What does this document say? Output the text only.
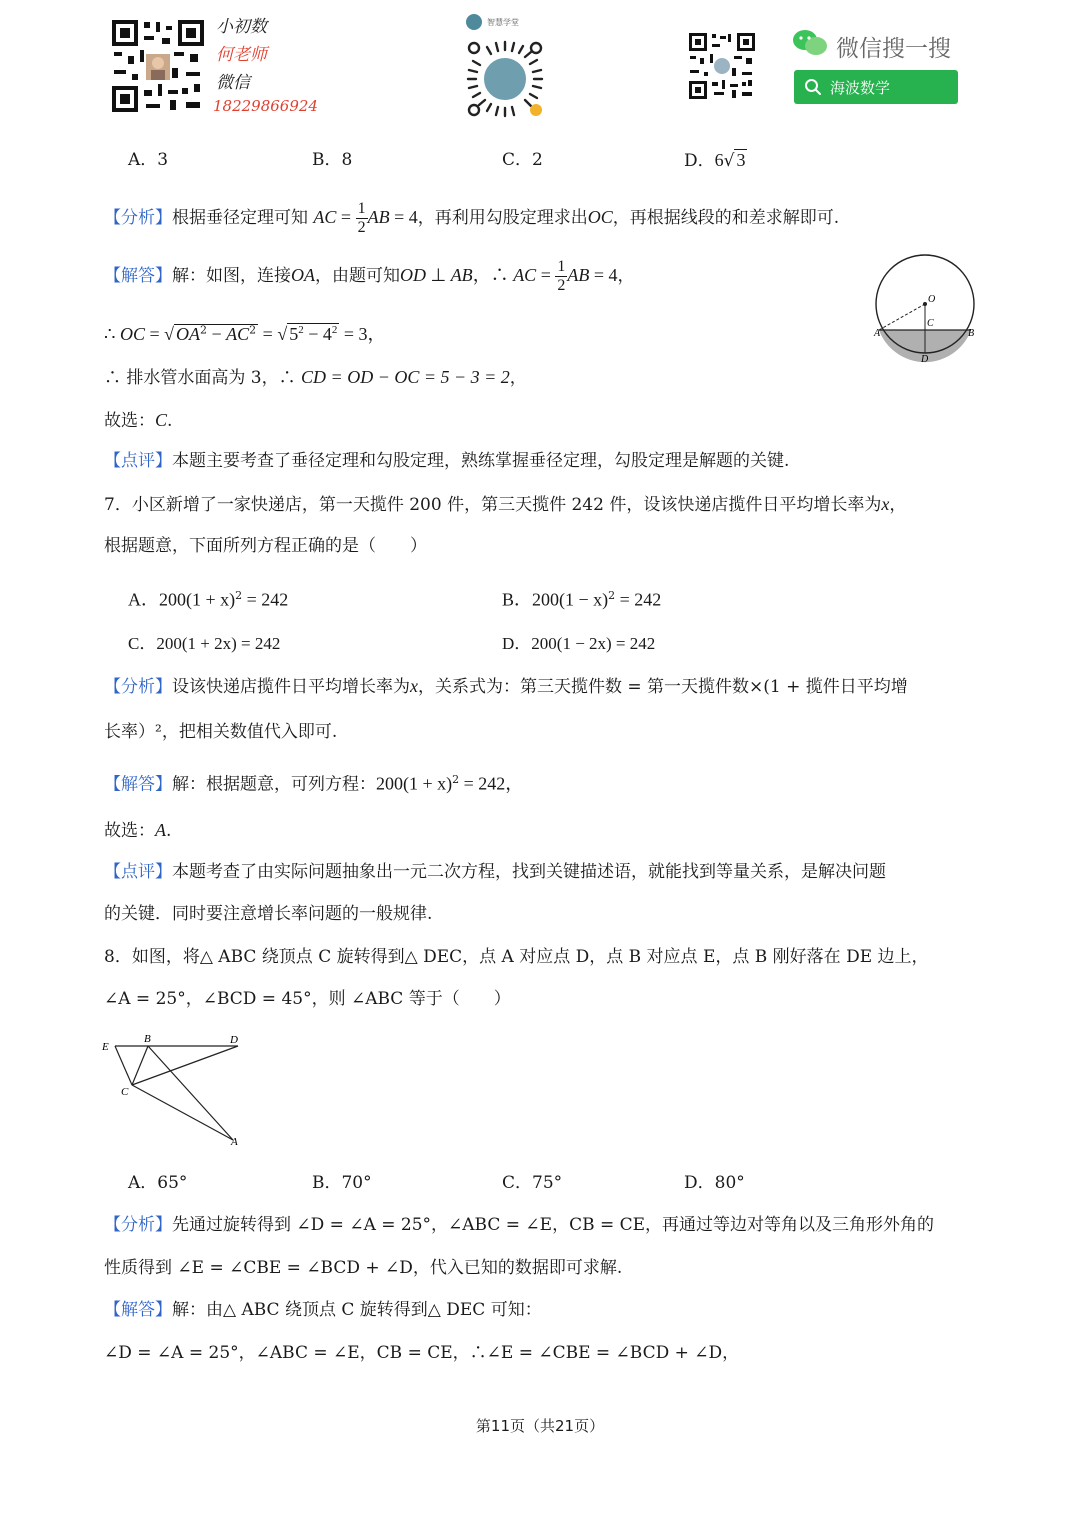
小初数
何老师
微信
18229866924
智慧学堂
微信搜一搜
海波数学
A．3	B．8	C．2	D．6√ 3
【分析】根据垂径定理可知 AC = $\frac{1}{2}$ AB = 4，再利用勾股定理求出OC，再根据线段的和差求解即可.
【解答】解：如图，连接OA，由题可知OD ⊥ AB，∴ AC = $\frac{1}{2}$ AB = 4，
∴ OC = √ $OA^2 - AC^2$ = √ $5^2 - 4^2 = 3$，
∴ 排水管水面高为 3，∴ CD = OD − OC = 5 − 3 = 2，
故选：C.
【点评】本题主要考查了垂径定理和勾股定理，熟练掌握垂径定理，勾股定理是解题的关键.
O
C
A	B
D
7．小区新增了一家快递店，第一天揽件 200 件，第三天揽件 242 件，设该快递店揽件日平均增长率为x，
根据题意，下面所列方程正确的是（　　）
A．$200(1 + x)^2 = 242$	B．$200(1 - x)^2 = 242$
C．200(1 + 2x) = 242	D．200(1 − 2x) = 242
【分析】设该快递店揽件日平均增长率为x，关系式为：第三天揽件数 = 第一天揽件数×(1 + 揽件日平均增
长率）²，把相关数值代入即可.
【解答】解：根据题意，可列方程：$200(1 + x)^2 = 242$，
故选：A.
【点评】本题考查了由实际问题抽象出一元二次方程，找到关键描述语，就能找到等量关系，是解决问题
的关键．同时要注意增长率问题的一般规律.
8．如图，将△ ABC 绕顶点 C 旋转得到△ DEC，点 A 对应点 D，点 B 对应点 E，点 B 刚好落在 DE 边上，
∠A = 25°，∠BCD = 45°，则 ∠ABC 等于（　　）
E
B	D
C
A
A．65°	B．70°	C．75°	D．80°
【分析】先通过旋转得到 ∠D = ∠A = 25°，∠ABC = ∠E，CB = CE，再通过等边对等角以及三角形外角的
性质得到 ∠E = ∠CBE = ∠BCD + ∠D，代入已知的数据即可求解.
【解答】解：由△ ABC 绕顶点 C 旋转得到△ DEC 可知：
∠D = ∠A = 25°，∠ABC = ∠E，CB = CE，∴∠E = ∠CBE = ∠BCD + ∠D，
第11页（共21页）
